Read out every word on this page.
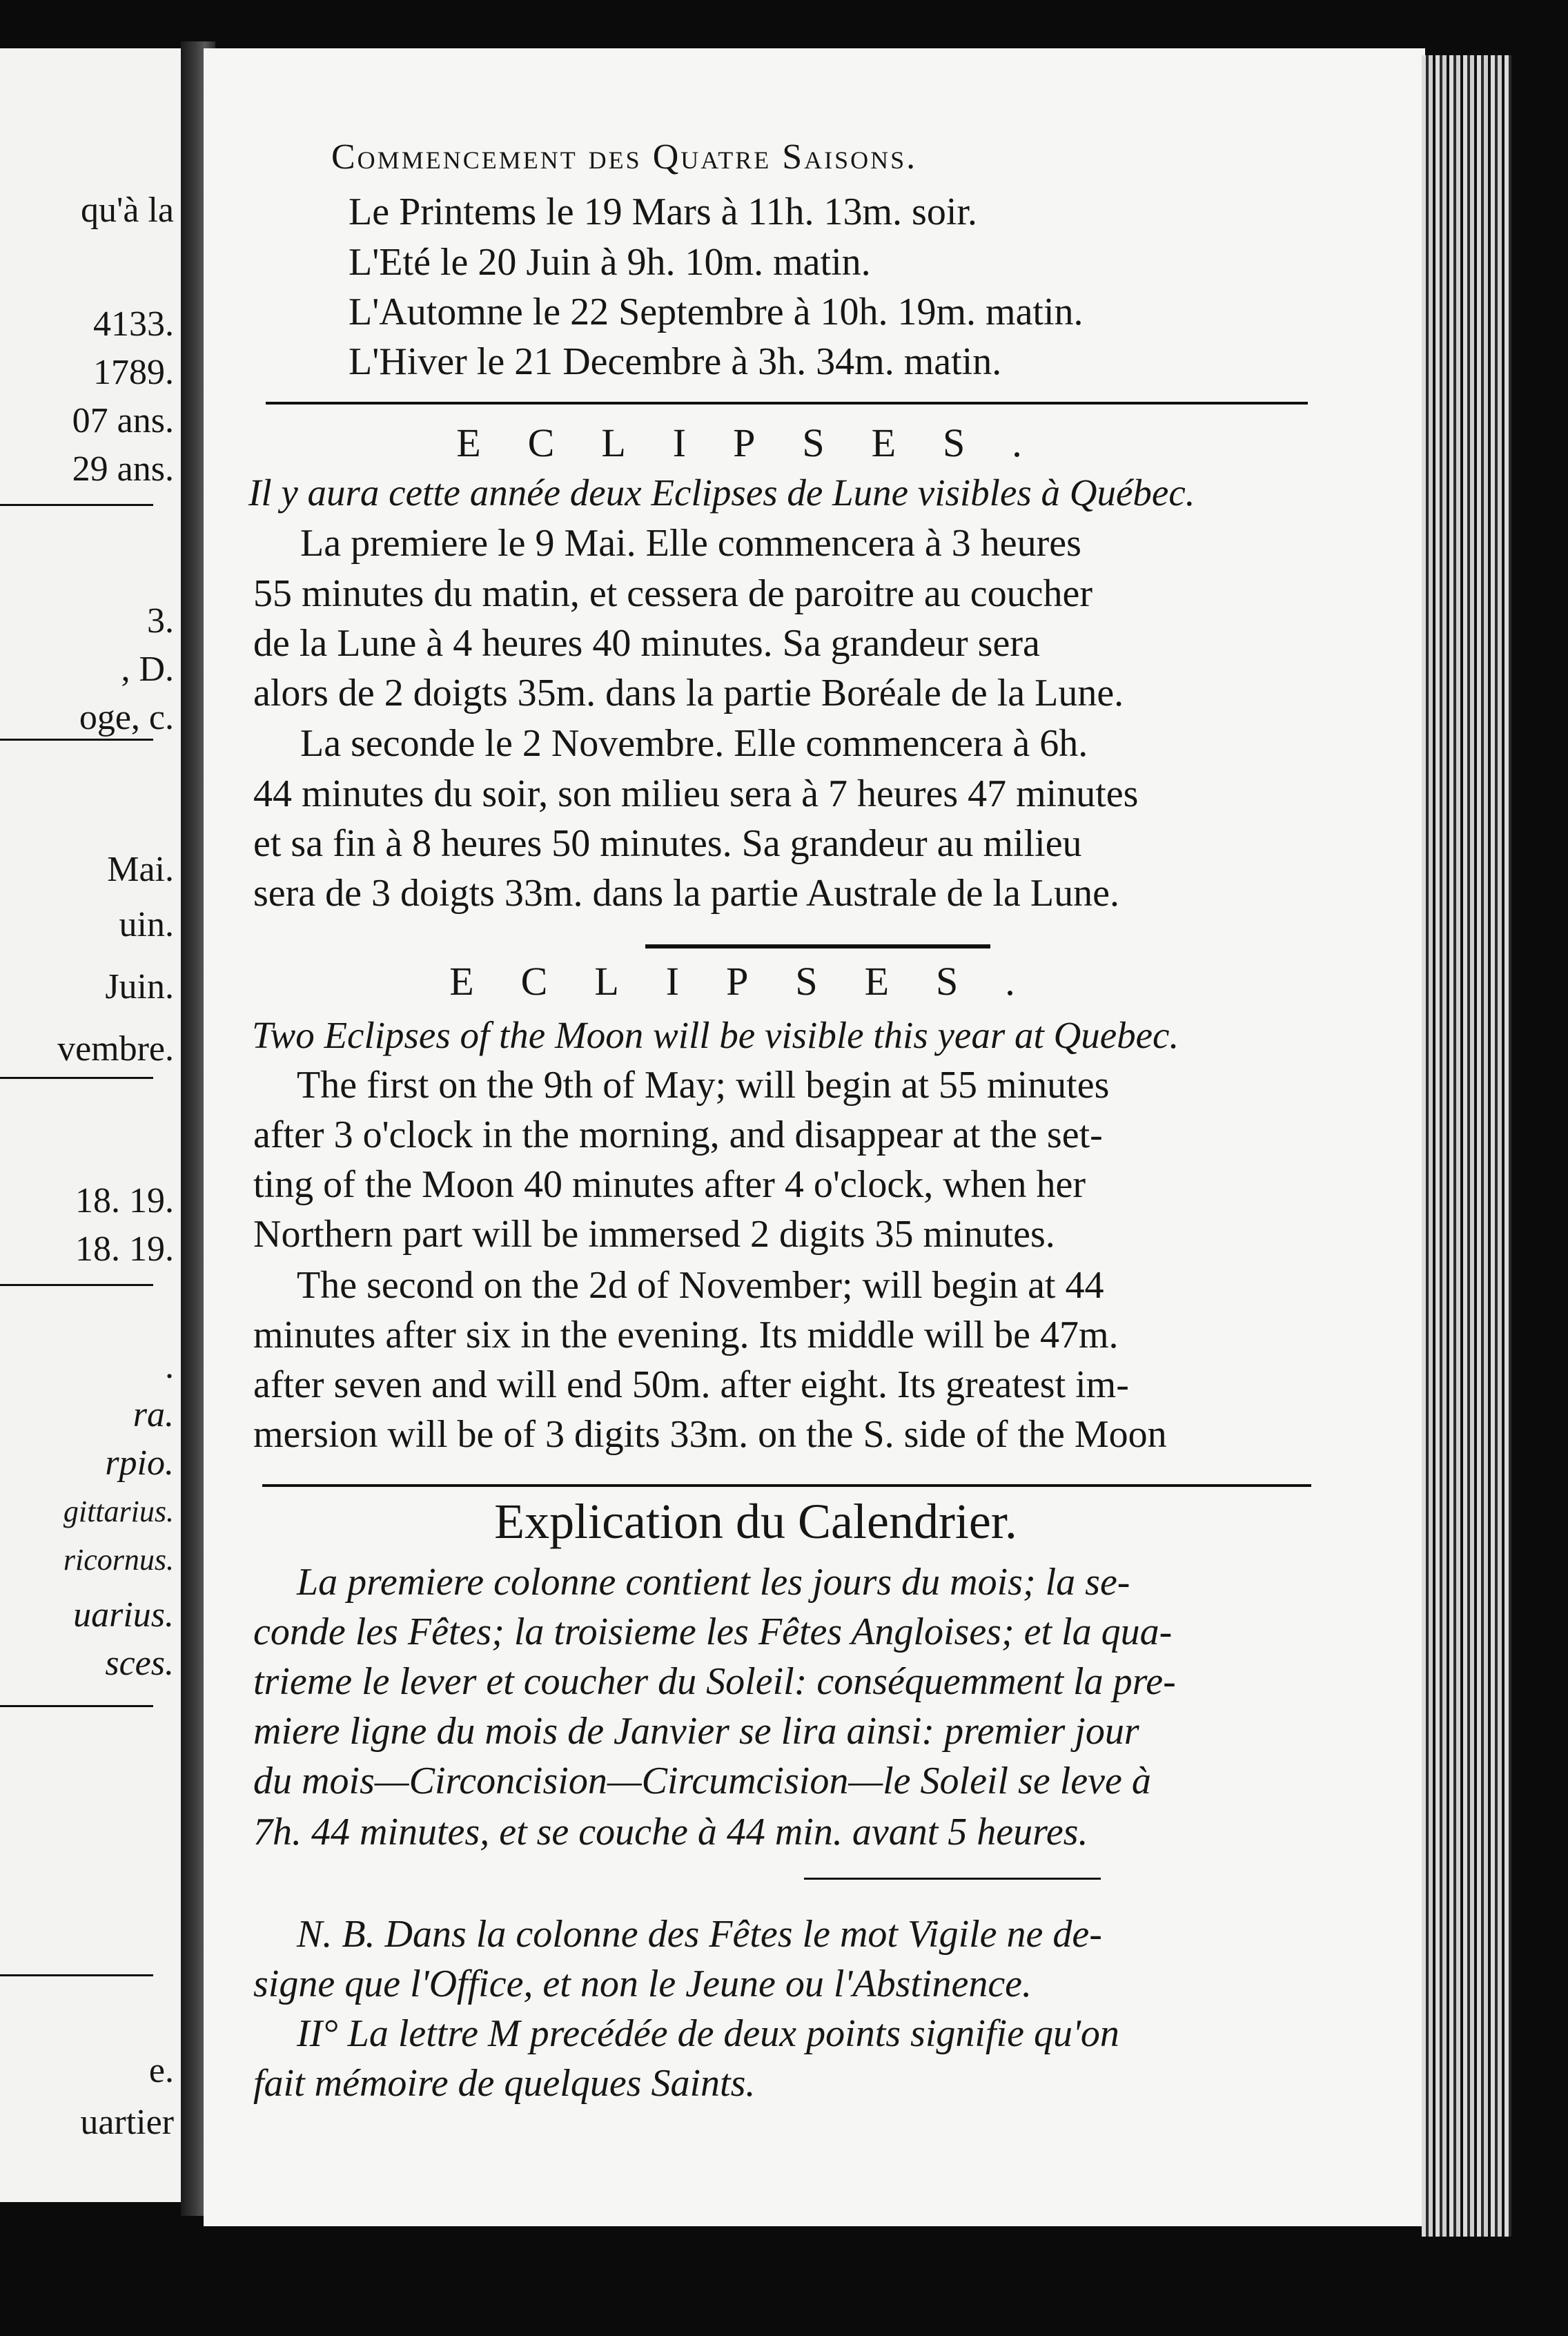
qu'à la
4133.
1789.
07 ans.
29 ans.
3.
, D.
oge, c.
Mai.
uin.
Juin.
vembre.
18. 19.
18. 19.
.
ra.
rpio.
gittarius.
ricornus.
uarius.
sces.
e.
uartier
Commencement des Quatre Saisons.
Le Printems le 19 Mars à 11h. 13m. soir.
L'Eté le 20 Juin à 9h. 10m. matin.
L'Automne le 22 Septembre à 10h. 19m. matin.
L'Hiver le 21 Decembre à 3h. 34m. matin.
ECLIPSES.
Il y aura cette année deux Eclipses de Lune visibles à Québec.
La premiere le 9 Mai. Elle commencera à 3 heures
55 minutes du matin, et cessera de paroitre au coucher
de la Lune à 4 heures 40 minutes. Sa grandeur sera
alors de 2 doigts 35m. dans la partie Boréale de la Lune.
La seconde le 2 Novembre. Elle commencera à 6h.
44 minutes du soir, son milieu sera à 7 heures 47 minutes
et sa fin à 8 heures 50 minutes. Sa grandeur au milieu
sera de 3 doigts 33m. dans la partie Australe de la Lune.
ECLIPSES.
Two Eclipses of the Moon will be visible this year at Quebec.
The first on the 9th of May; will begin at 55 minutes
after 3 o'clock in the morning, and disappear at the set-
ting of the Moon 40 minutes after 4 o'clock, when her
Northern part will be immersed 2 digits 35 minutes.
The second on the 2d of November; will begin at 44
minutes after six in the evening. Its middle will be 47m.
after seven and will end 50m. after eight. Its greatest im-
mersion will be of 3 digits 33m. on the S. side of the Moon
Explication du Calendrier.
La premiere colonne contient les jours du mois; la se-
conde les Fêtes; la troisieme les Fêtes Angloises; et la qua-
trieme le lever et coucher du Soleil: conséquemment la pre-
miere ligne du mois de Janvier se lira ainsi: premier jour
du mois—Circoncision—Circumcision—le Soleil se leve à
7h. 44 minutes, et se couche à 44 min. avant 5 heures.
N. B. Dans la colonne des Fêtes le mot Vigile ne de-
signe que l'Office, et non le Jeune ou l'Abstinence.
II° La lettre M precédée de deux points signifie qu'on
fait mémoire de quelques Saints.
